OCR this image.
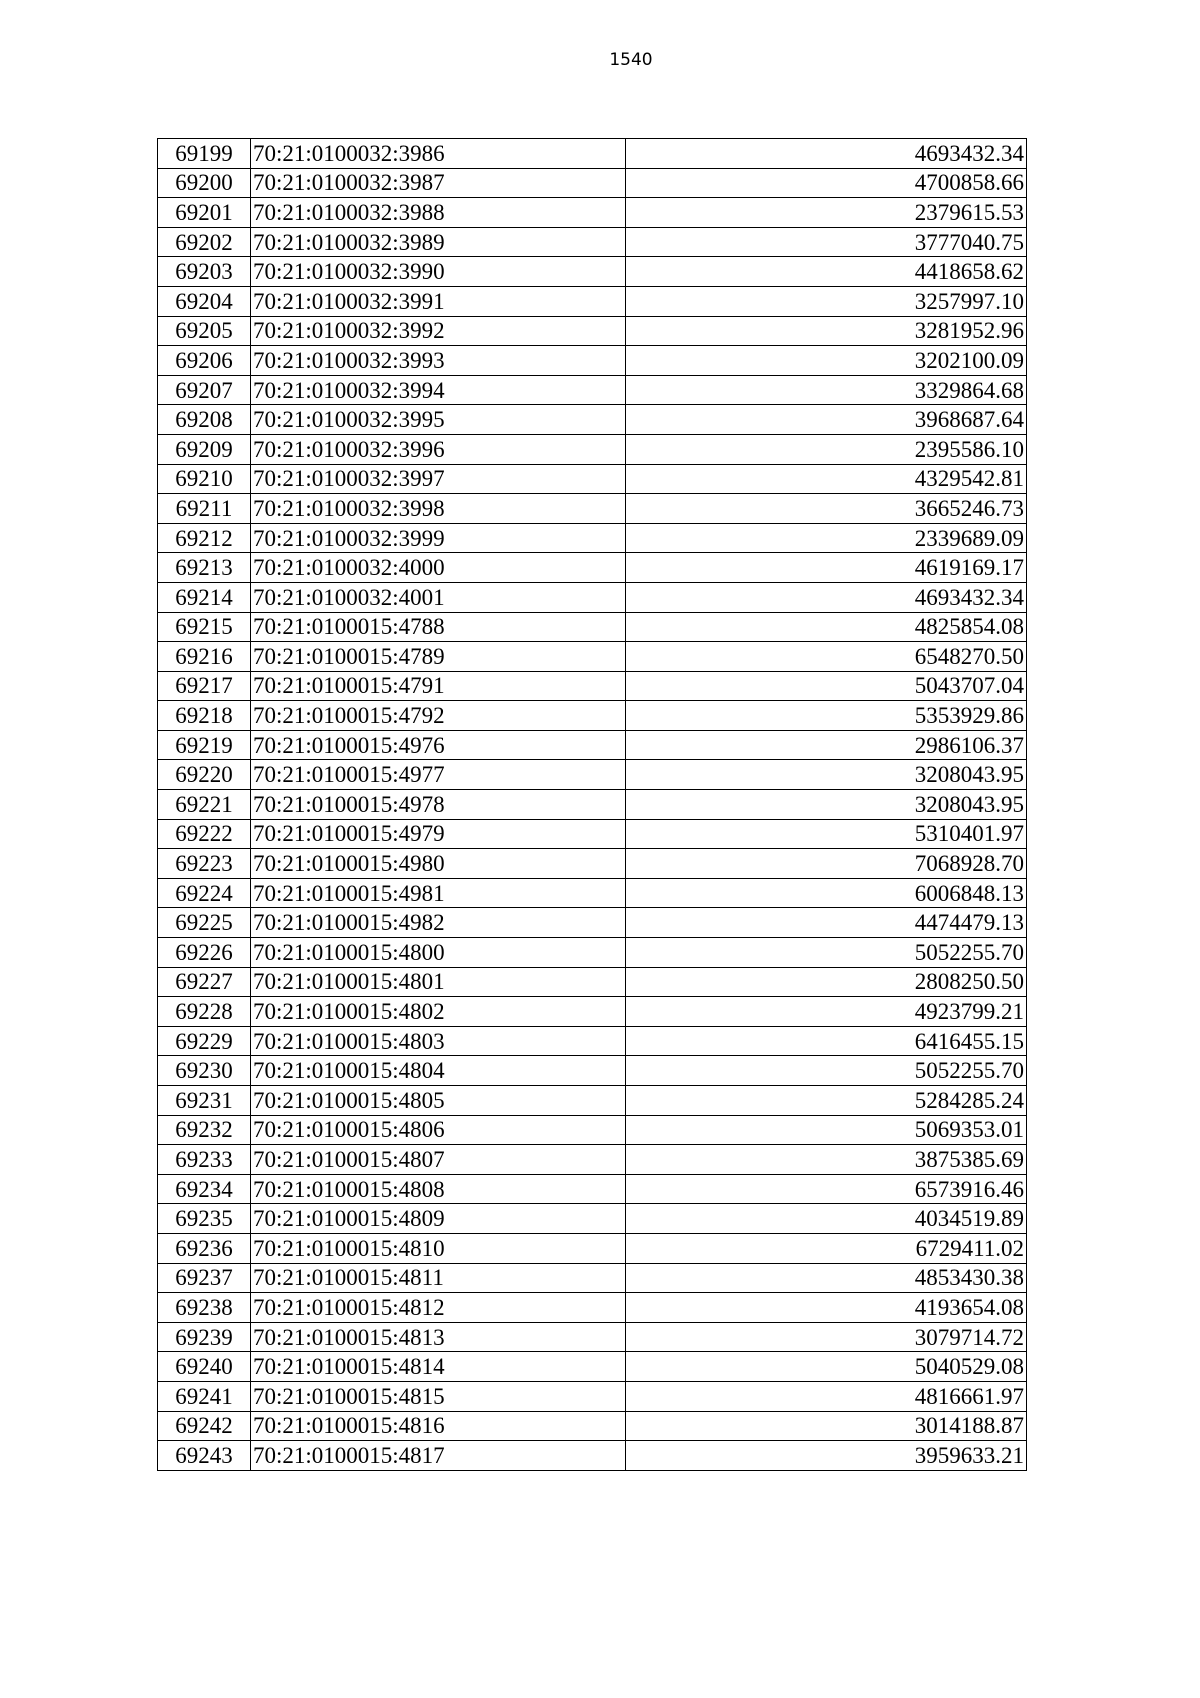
1540
69199	70:21:0100032:3986	4693432.34
69200	70:21:0100032:3987	4700858.66
69201	70:21:0100032:3988	2379615.53
69202	70:21:0100032:3989	3777040.75
69203	70:21:0100032:3990	4418658.62
69204	70:21:0100032:3991	3257997.10
69205	70:21:0100032:3992	3281952.96
69206	70:21:0100032:3993	3202100.09
69207	70:21:0100032:3994	3329864.68
69208	70:21:0100032:3995	3968687.64
69209	70:21:0100032:3996	2395586.10
69210	70:21:0100032:3997	4329542.81
69211	70:21:0100032:3998	3665246.73
69212	70:21:0100032:3999	2339689.09
69213	70:21:0100032:4000	4619169.17
69214	70:21:0100032:4001	4693432.34
69215	70:21:0100015:4788	4825854.08
69216	70:21:0100015:4789	6548270.50
69217	70:21:0100015:4791	5043707.04
69218	70:21:0100015:4792	5353929.86
69219	70:21:0100015:4976	2986106.37
69220	70:21:0100015:4977	3208043.95
69221	70:21:0100015:4978	3208043.95
69222	70:21:0100015:4979	5310401.97
69223	70:21:0100015:4980	7068928.70
69224	70:21:0100015:4981	6006848.13
69225	70:21:0100015:4982	4474479.13
69226	70:21:0100015:4800	5052255.70
69227	70:21:0100015:4801	2808250.50
69228	70:21:0100015:4802	4923799.21
69229	70:21:0100015:4803	6416455.15
69230	70:21:0100015:4804	5052255.70
69231	70:21:0100015:4805	5284285.24
69232	70:21:0100015:4806	5069353.01
69233	70:21:0100015:4807	3875385.69
69234	70:21:0100015:4808	6573916.46
69235	70:21:0100015:4809	4034519.89
69236	70:21:0100015:4810	6729411.02
69237	70:21:0100015:4811	4853430.38
69238	70:21:0100015:4812	4193654.08
69239	70:21:0100015:4813	3079714.72
69240	70:21:0100015:4814	5040529.08
69241	70:21:0100015:4815	4816661.97
69242	70:21:0100015:4816	3014188.87
69243	70:21:0100015:4817	3959633.21
